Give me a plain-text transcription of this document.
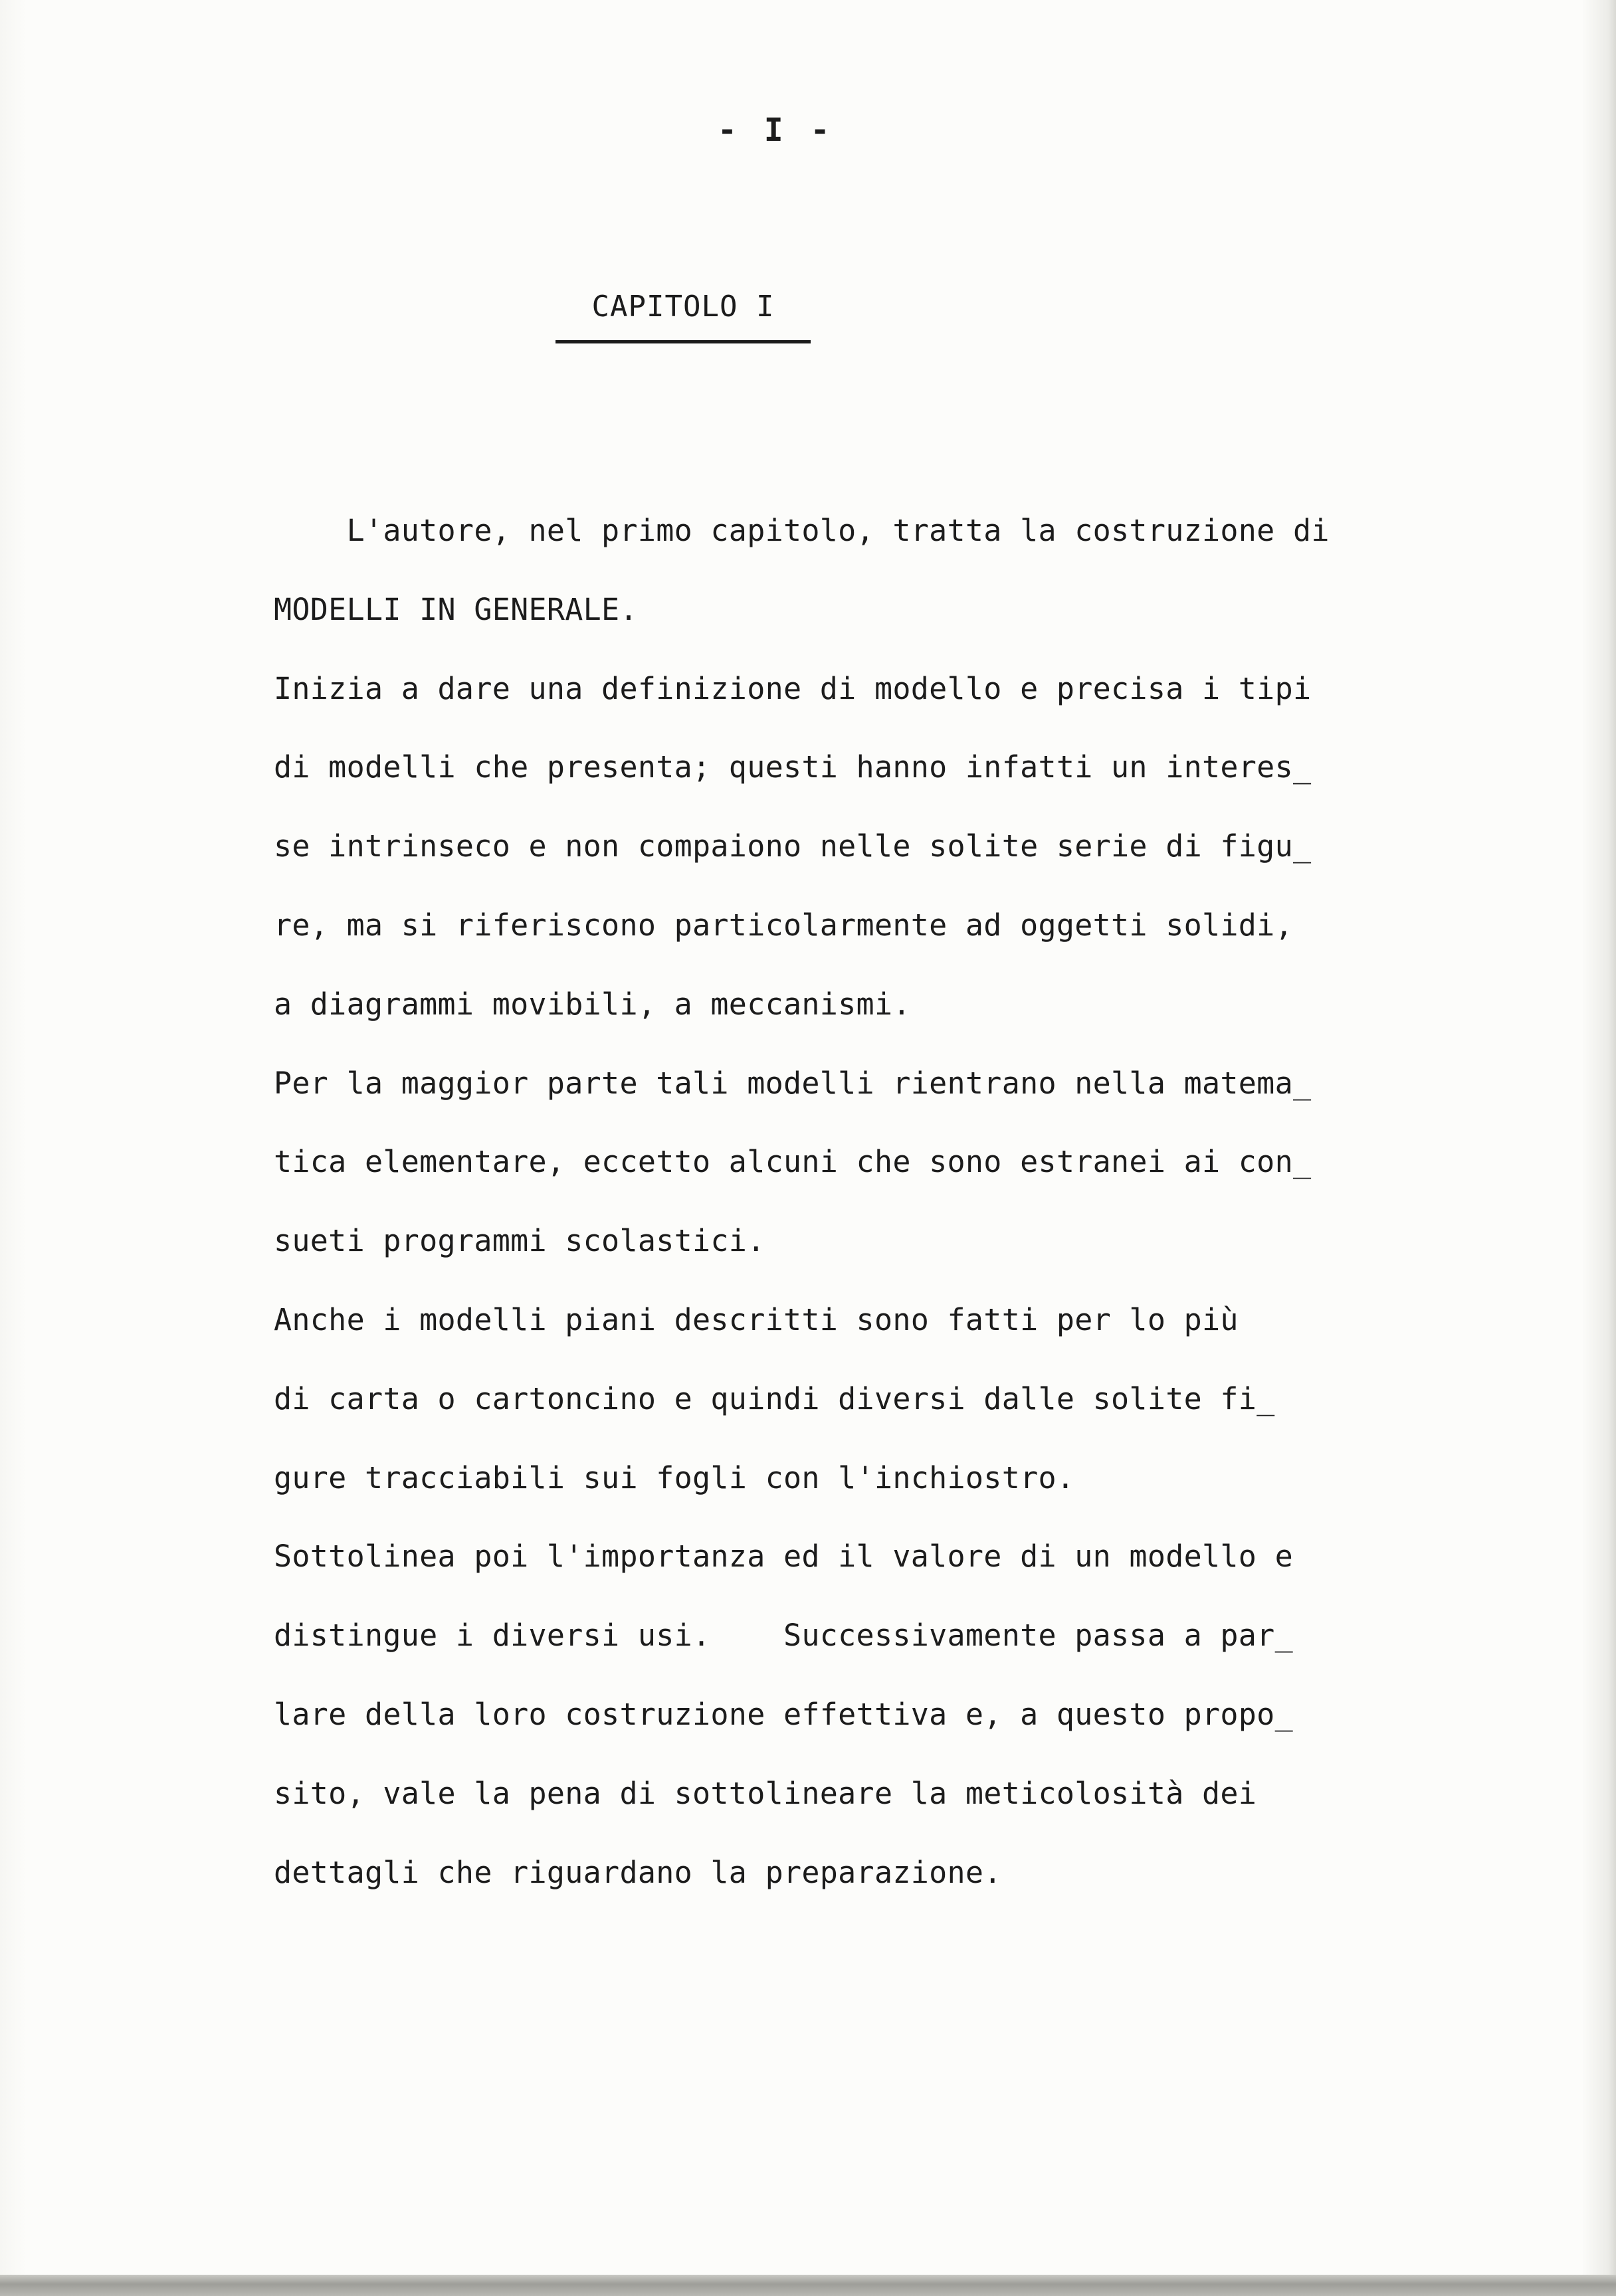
- I -
CAPITOLO I
L'autore, nel primo capitolo, tratta la costruzione di
MODELLI IN GENERALE.
Inizia a dare una definizione di modello e precisa i tipi
di modelli che presenta; questi hanno infatti un interes_
se intrinseco e non compaiono nelle solite serie di figu_
re, ma si riferiscono particolarmente ad oggetti solidi,
a diagrammi movibili, a meccanismi.
Per la maggior parte tali modelli rientrano nella matema_
tica elementare, eccetto alcuni che sono estranei ai con_
sueti programmi scolastici.
Anche i modelli piani descritti sono fatti per lo più
di carta o cartoncino e quindi diversi dalle solite fi_
gure tracciabili sui fogli con l'inchiostro.
Sottolinea poi l'importanza ed il valore di un modello e
distingue i diversi usi.    Successivamente passa a par_
lare della loro costruzione effettiva e, a questo propo_
sito, vale la pena di sottolineare la meticolosità dei
dettagli che riguardano la preparazione.
